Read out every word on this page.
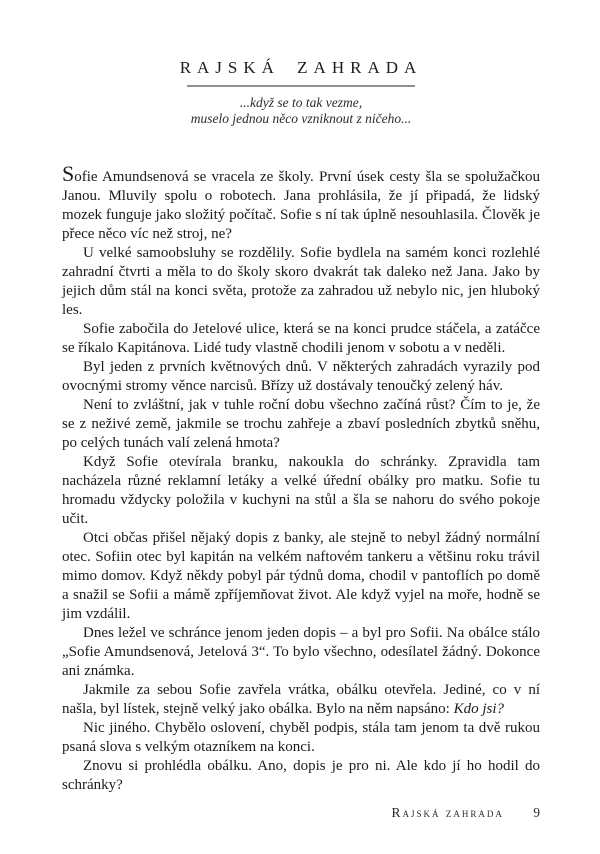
RAJSKÁ ZAHRADA
...když se to tak vezme,
muselo jednou něco vzniknout z ničeho...

Sofie Amundsenová se vracela ze školy. První úsek cesty šla se spolužačkou Janou. Mluvily spolu o robotech. Jana prohlásila, že jí připadá, že lidský mozek funguje jako složitý počítač. Sofie s ní tak úplně nesouhlasila. Člověk je přece něco víc než stroj, ne?

U velké samoobsluhy se rozdělily. Sofie bydlela na samém konci rozlehlé zahradní čtvrti a měla to do školy skoro dvakrát tak daleko než Jana. Jako by jejich dům stál na konci světa, protože za zahradou už nebylo nic, jen hluboký les.

Sofie zabočila do Jetelové ulice, která se na konci prudce stáčela, a zatáčce se říkalo Kapitánova. Lidé tudy vlastně chodili jenom v sobotu a v neděli.

Byl jeden z prvních květnových dnů. V některých zahradách vyrazily pod ovocnými stromy věnce narcisů. Břízy už dostávaly tenoučký zelený háv.

Není to zvláštní, jak v tuhle roční dobu všechno začíná růst? Čím to je, že se z neživé země, jakmile se trochu zahřeje a zbaví posledních zbytků sněhu, po celých tunách valí zelená hmota?

Když Sofie otevírala branku, nakoukla do schránky. Zpravidla tam nacházela různé reklamní letáky a velké úřední obálky pro matku. Sofie tu hromadu vždycky položila v kuchyni na stůl a šla se nahoru do svého pokoje učit.

Otci občas přišel nějaký dopis z banky, ale stejně to nebyl žádný normální otec. Sofiin otec byl kapitán na velkém naftovém tankeru a většinu roku trávil mimo domov. Když někdy pobyl pár týdnů doma, chodil v pantoflích po domě a snažil se Sofii a mámě zpříjemňovat život. Ale když vyjel na moře, hodně se jim vzdálil.

Dnes ležel ve schránce jenom jeden dopis – a byl pro Sofii. Na obálce stálo „Sofie Amundsenová, Jetelová 3“. To bylo všechno, odesílatel žádný. Dokonce ani známka.

Jakmile za sebou Sofie zavřela vrátka, obálku otevřela. Jediné, co v ní našla, byl lístek, stejně velký jako obálka. Bylo na něm napsáno: Kdo jsi?

Nic jiného. Chybělo oslovení, chyběl podpis, stála tam jenom ta dvě rukou psaná slova s velkým otazníkem na konci.

Znovu si prohlédla obálku. Ano, dopis je pro ni. Ale kdo jí ho hodil do schránky?

Rajská zahrada 9
